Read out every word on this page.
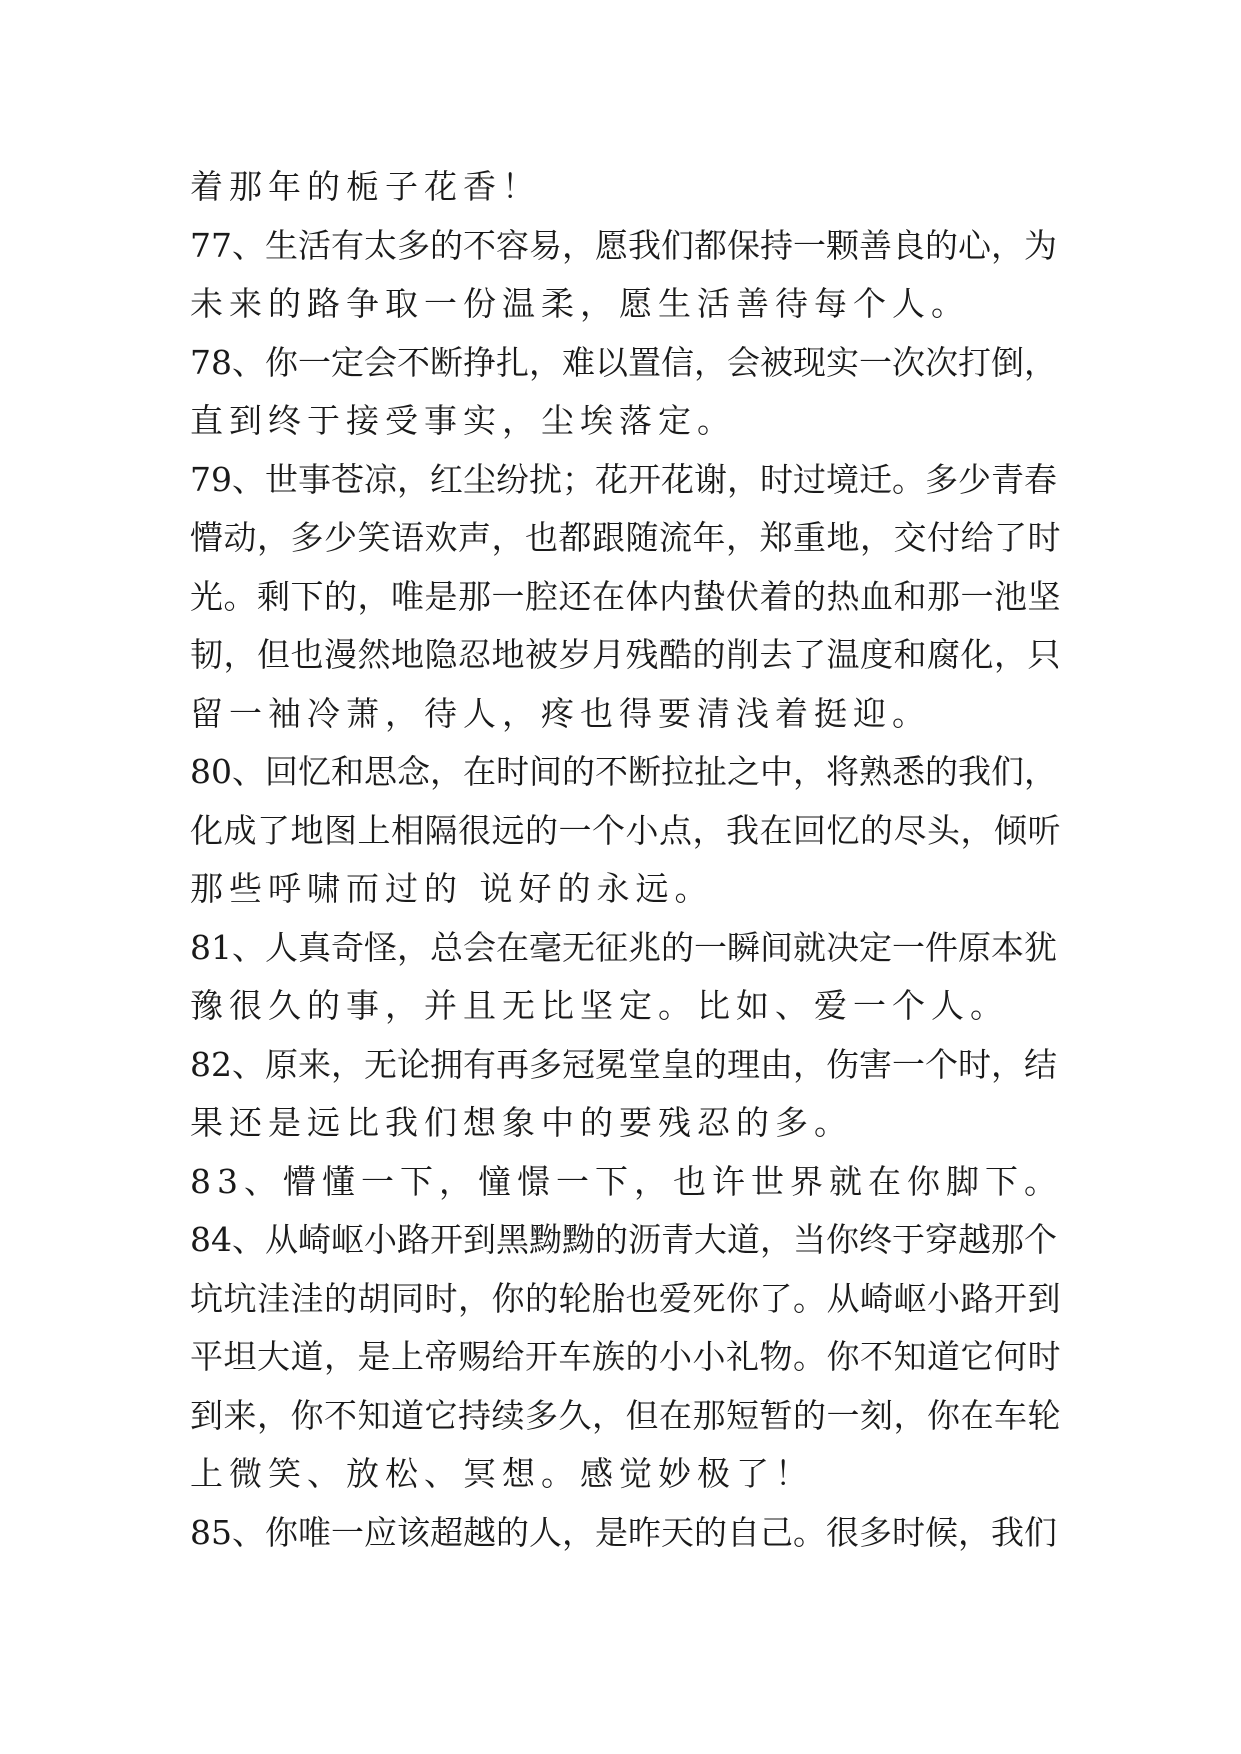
着那年的栀子花香！
77、生活有太多的不容易，愿我们都保持一颗善良的心，为
未来的路争取一份温柔，愿生活善待每个人。
78、你一定会不断挣扎，难以置信，会被现实一次次打倒，
直到终于接受事实，尘埃落定。
79、世事苍凉，红尘纷扰；花开花谢，时过境迁。多少青春
懵动，多少笑语欢声，也都跟随流年，郑重地，交付给了时
光。剩下的，唯是那一腔还在体内蛰伏着的热血和那一池坚
韧，但也漫然地隐忍地被岁月残酷的削去了温度和腐化，只
留一袖冷萧，待人，疼也得要清浅着挺迎。
80、回忆和思念，在时间的不断拉扯之中，将熟悉的我们，
化成了地图上相隔很远的一个小点，我在回忆的尽头，倾听
那些呼啸而过的 说好的永远。
81、人真奇怪，总会在毫无征兆的一瞬间就决定一件原本犹
豫很久的事，并且无比坚定。比如、爱一个人。
82、原来，无论拥有再多冠冕堂皇的理由，伤害一个时，结
果还是远比我们想象中的要残忍的多。
83、懵懂一下，憧憬一下，也许世界就在你脚下。
84、从崎岖小路开到黑黝黝的沥青大道，当你终于穿越那个
坑坑洼洼的胡同时，你的轮胎也爱死你了。从崎岖小路开到
平坦大道，是上帝赐给开车族的小小礼物。你不知道它何时
到来，你不知道它持续多久，但在那短暂的一刻，你在车轮
上微笑、放松、冥想。感觉妙极了！
85、你唯一应该超越的人，是昨天的自己。很多时候，我们
